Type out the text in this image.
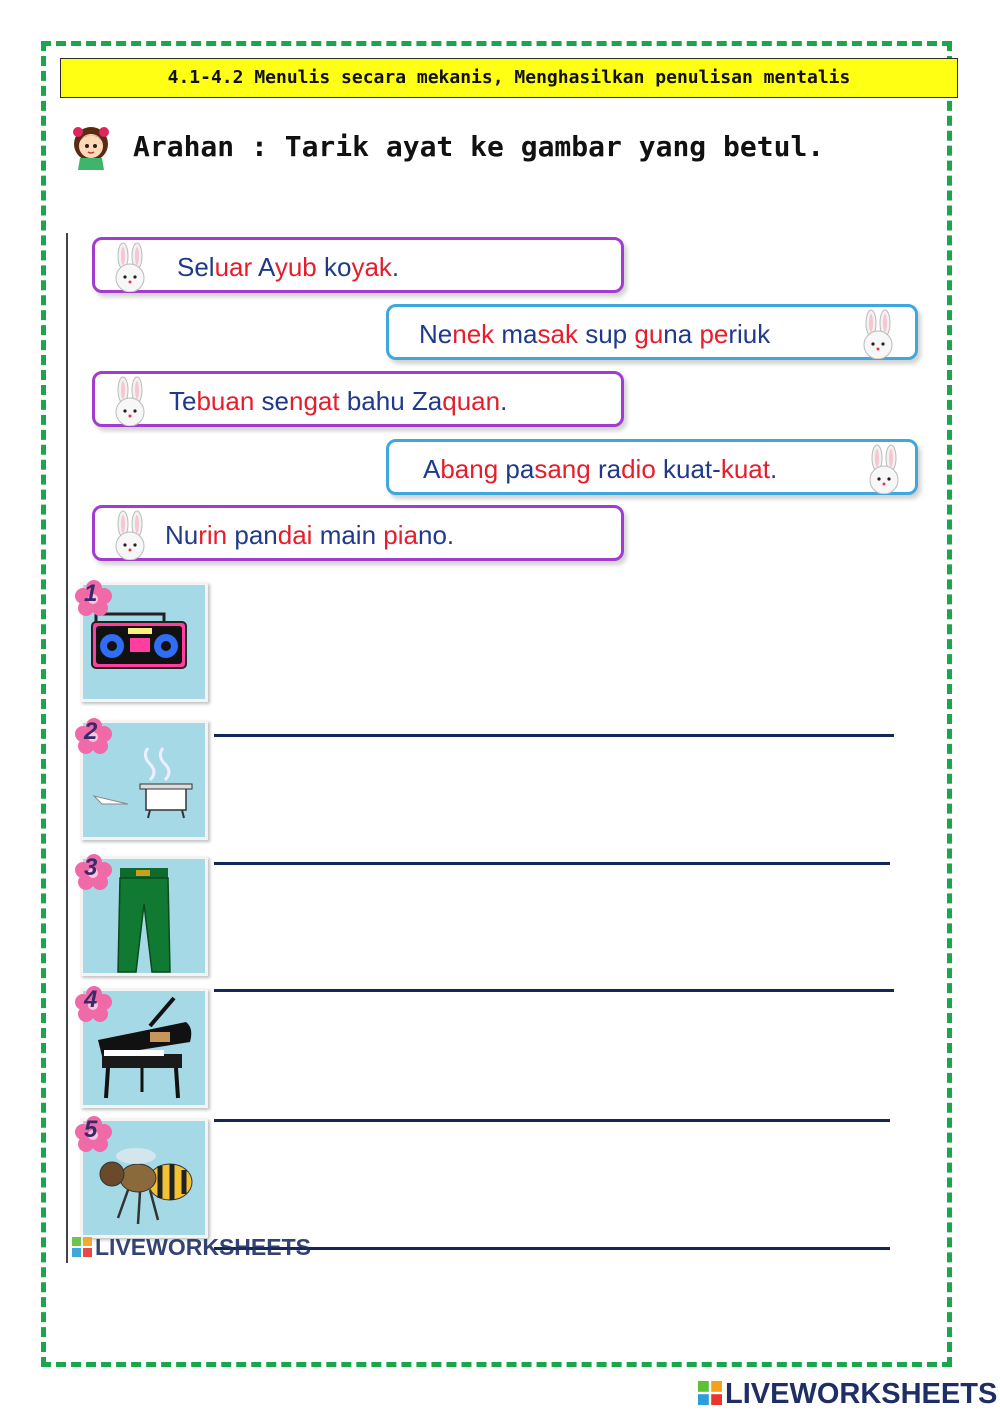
4.1-4.2 Menulis secara mekanis, Menghasilkan penulisan mentalis
Arahan : Tarik ayat ke gambar yang betul.
Seluar Ayub koyak.
Nenek masak sup guna periuk
Tebuan sengat bahu Zaquan.
Abang pasang radio kuat-kuat.
Nurin pandai main piano.
1
2
3
4
5
LIVEWORKSHEETS
LIVEWORKSHEETS
